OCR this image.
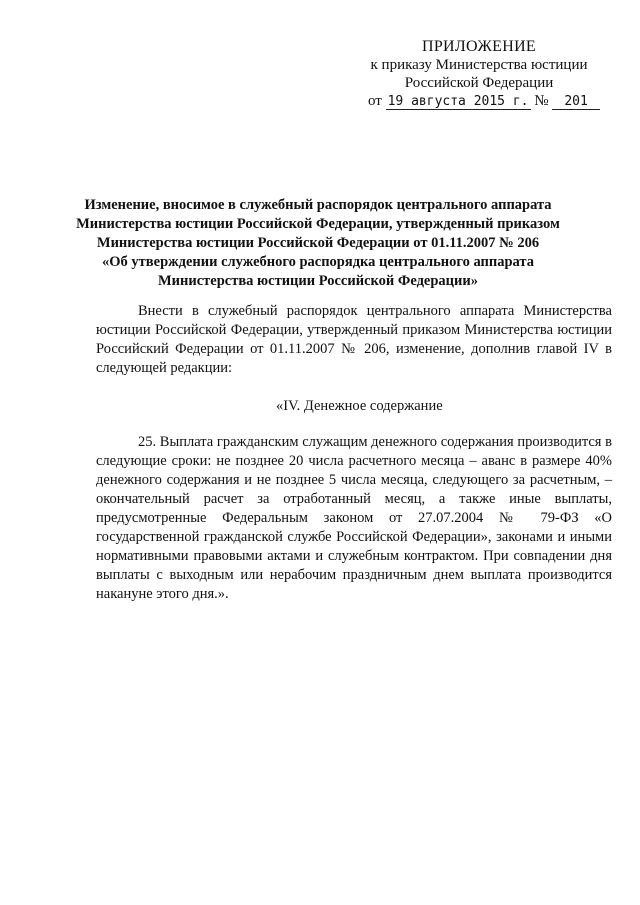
ПРИЛОЖЕНИЕ
к приказу Министерства юстиции
Российской Федерации
от 19 августа 2015 г. № 201
Изменение, вносимое в служебный распорядок центрального аппарата
Министерства юстиции Российской Федерации, утвержденный приказом
Министерства юстиции Российской Федерации от 01.11.2007 № 206
«Об утверждении служебного распорядка центрального аппарата
Министерства юстиции Российской Федерации»
Внести в служебный распорядок центрального аппарата Министерства юстиции Российской Федерации, утвержденный приказом Министерства юстиции Российский Федерации от 01.11.2007 № 206, изменение, дополнив главой IV в следующей редакции:
«IV. Денежное содержание
25. Выплата гражданским служащим денежного содержания производится в следующие сроки: не позднее 20 числа расчетного месяца – аванс в размере 40% денежного содержания и не позднее 5 числа месяца, следующего за расчетным, – окончательный расчет за отработанный месяц, а также иные выплаты, предусмотренные Федеральным законом от 27.07.2004 № 79-ФЗ «О государственной гражданской службе Российской Федерации», законами и иными нормативными правовыми актами и служебным контрактом. При совпадении дня выплаты с выходным или нерабочим праздничным днем выплата производится накануне этого дня.».
